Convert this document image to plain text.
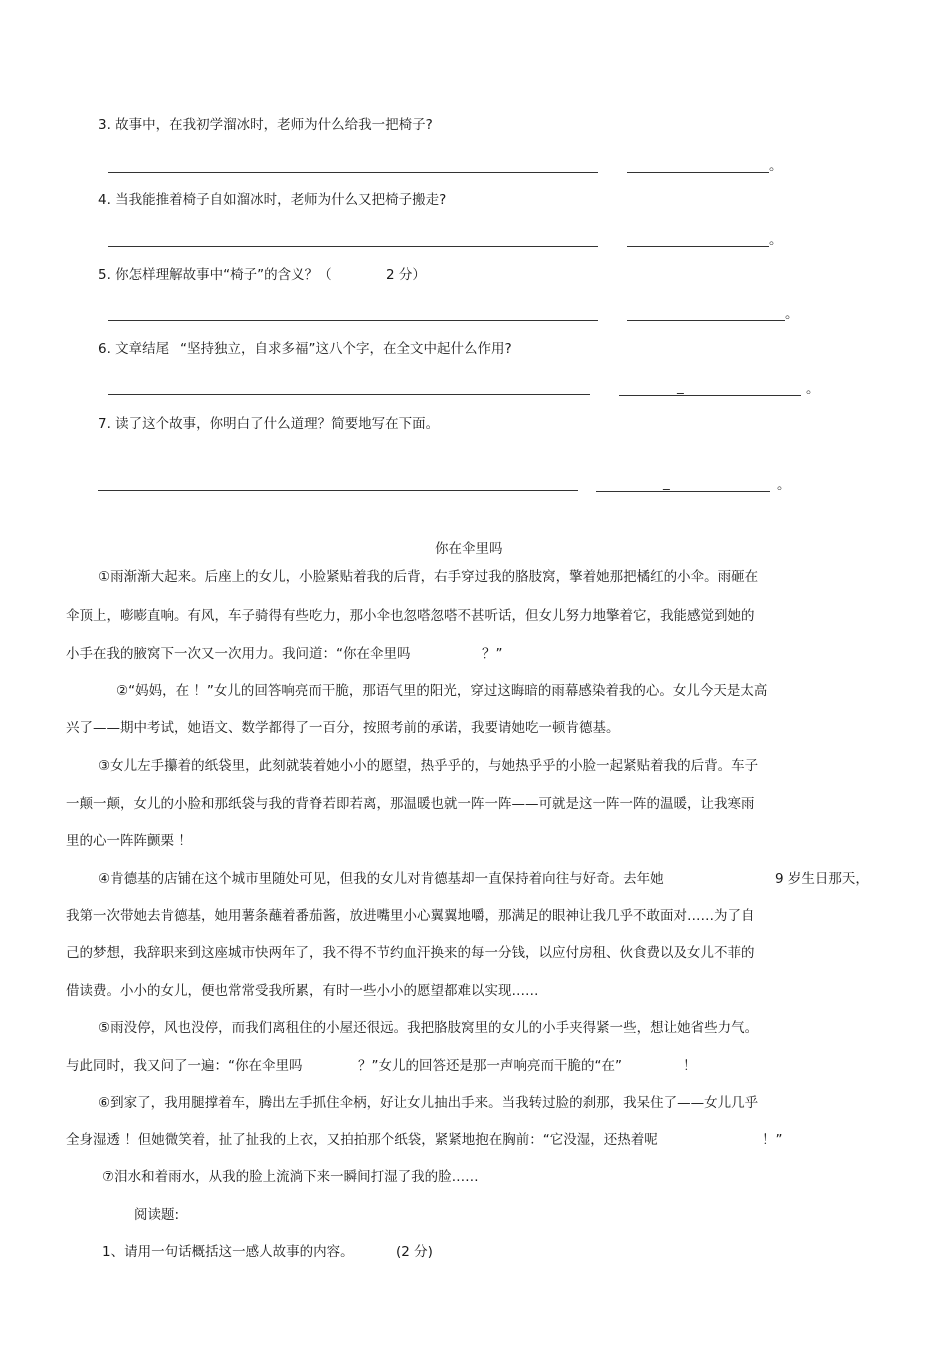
3. 故事中，在我初学溜冰时，老师为什么给我一把椅子?
。
4. 当我能推着椅子自如溜冰时，老师为什么又把椅子搬走?
。
5. 你怎样理解故事中“椅子”的含义？（	2 分）
。
6. 文章结尾 “坚持独立，自求多福”这八个字，在全文中起什么作用?
_	。
7. 读了这个故事，你明白了什么道理？简要地写在下面。
_	。
你在伞里吗
①雨渐渐大起来。后座上的女儿，小脸紧贴着我的后背，右手穿过我的胳肢窝，擎着她那把橘红的小伞。雨砸在
伞顶上，嘭嘭直响。有风，车子骑得有些吃力，那小伞也忽嗒忽嗒不甚听话，但女儿努力地擎着它，我能感觉到她的
小手在我的腋窝下一次又一次用力。我问道：“你在伞里吗	？”
②“妈妈，在 ！”女儿的回答响亮而干脆，那语气里的阳光，穿过这晦暗的雨幕感染着我的心。女儿今天是太高
兴了——期中考试，她语文、数学都得了一百分，按照考前的承诺，我要请她吃一顿肯德基。
③女儿左手攥着的纸袋里，此刻就装着她小小的愿望，热乎乎的，与她热乎乎的小脸一起紧贴着我的后背。车子
一颠一颠，女儿的小脸和那纸袋与我的背脊若即若离，那温暖也就一阵一阵——可就是这一阵一阵的温暖，让我寒雨
里的心一阵阵颤栗 ！
④肯德基的店铺在这个城市里随处可见，但我的女儿对肯德基却一直保持着向往与好奇。去年她	9 岁生日那天，
我第一次带她去肯德基，她用薯条蘸着番茄酱，放进嘴里小心翼翼地嚼，那满足的眼神让我几乎不敢面对……为了自
己的梦想，我辞职来到这座城市快两年了，我不得不节约血汗换来的每一分钱，以应付房租、伙食费以及女儿不菲的
借读费。小小的女儿，便也常常受我所累，有时一些小小的愿望都难以实现……
⑤雨没停，风也没停，而我们离租住的小屋还很远。我把胳肢窝里的女儿的小手夹得紧一些，想让她省些力气。
与此同时，我又问了一遍：“你在伞里吗	？”女儿的回答还是那一声响亮而干脆的“在”	！
⑥到家了，我用腿撑着车，腾出左手抓住伞柄，好让女儿抽出手来。当我转过脸的刹那，我呆住了——女儿几乎
全身湿透 ！但她微笑着，扯了扯我的上衣，又拍拍那个纸袋，紧紧地抱在胸前：“它没湿，还热着呢	！”
⑦泪水和着雨水，从我的脸上流淌下来一瞬间打湿了我的脸……
阅读题:
1、请用一句话概括这一感人故事的内容。	(2 分)
